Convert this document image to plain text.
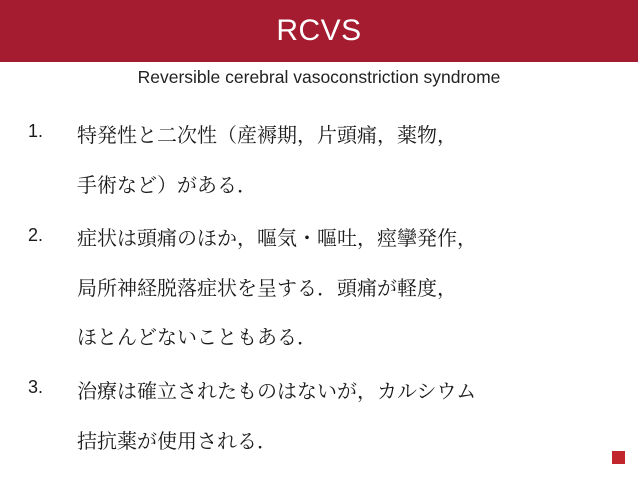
RCVS
Reversible cerebral vasoconstriction syndrome
1. 特発性と二次性（産褥期，片頭痛，薬物，
手術など）がある．
2. 症状は頭痛のほか，嘔気・嘔吐，痙攣発作，
局所神経脱落症状を呈する．頭痛が軽度，
ほとんどないこともある．
3. 治療は確立されたものはないが，カルシウム
拮抗薬が使用される．
